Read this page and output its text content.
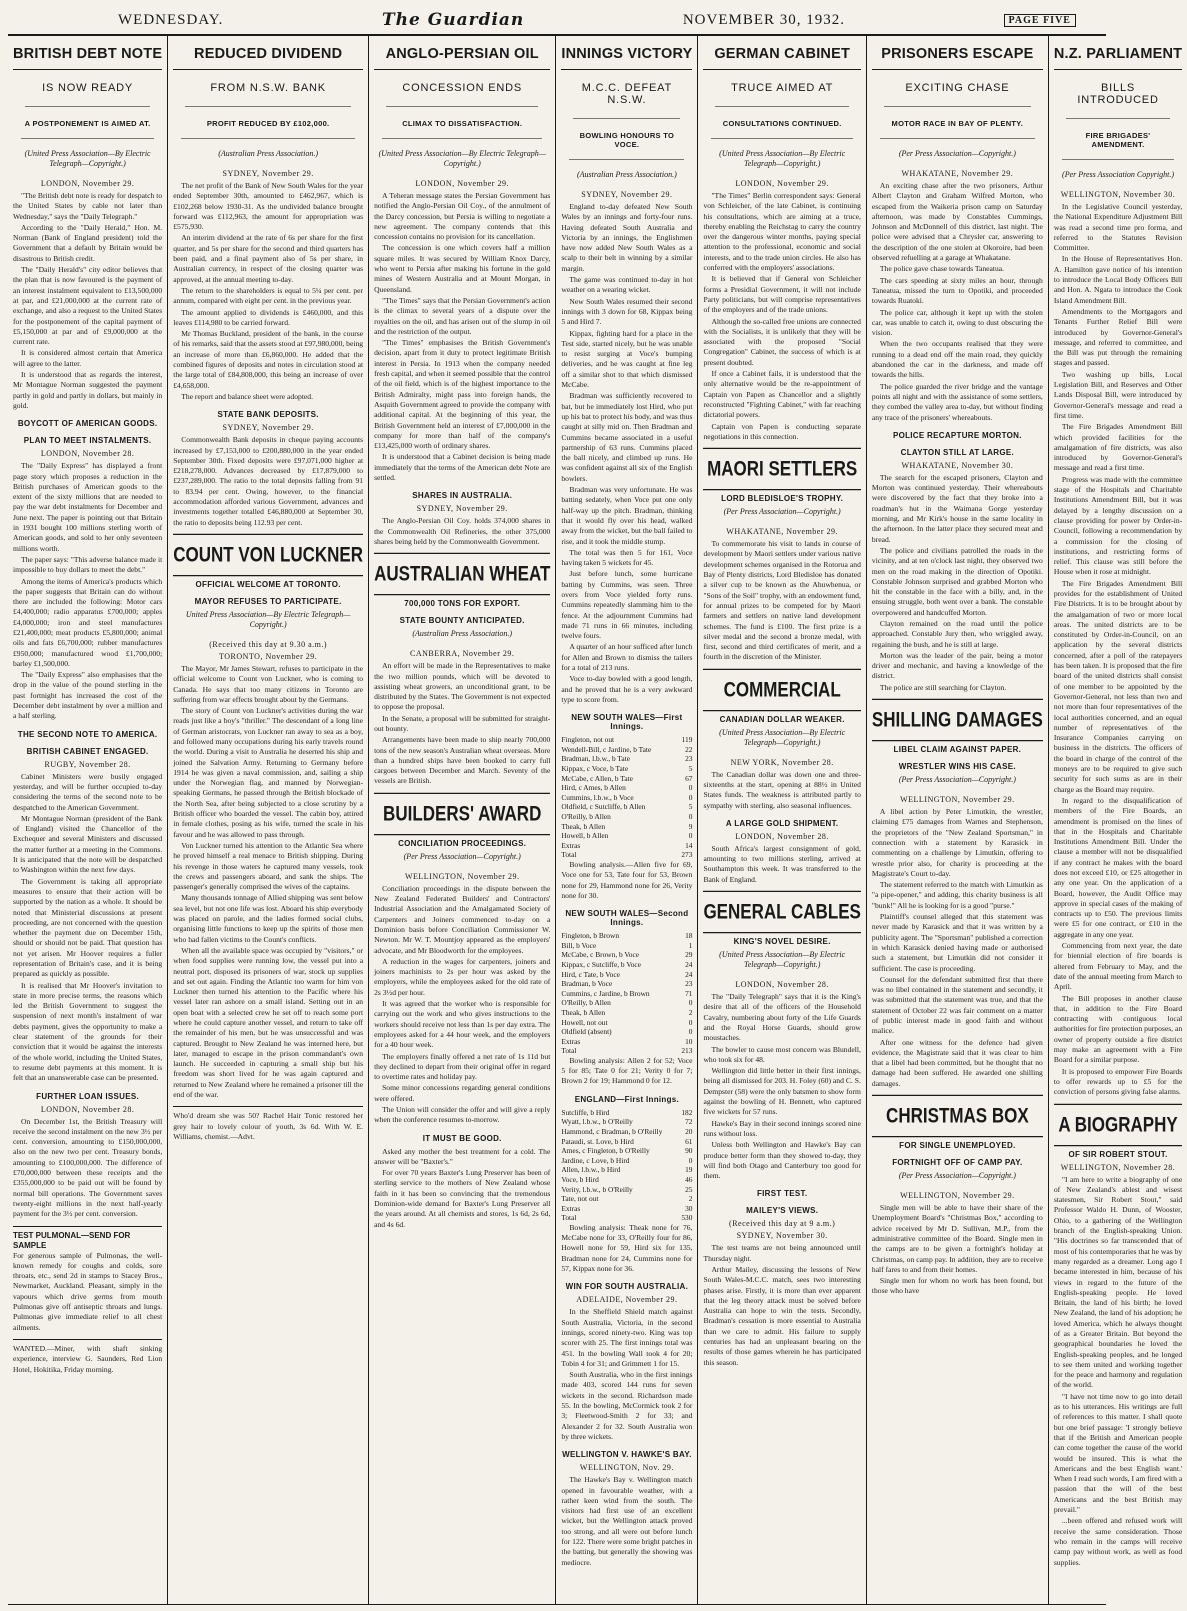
WEDNESDAY.	The Guardian	NOVEMBER 30, 1932.	PAGE FIVE
BRITISH DEBT NOTE
IS NOW READY
A POSTPONEMENT IS AIMED AT.
(United Press Association—By Electric Telegraph—Copyright.)
LONDON, November 29.

"The British debt note is ready for despatch to the United States by cable not later than Wednesday," says the "Daily Telegraph."

According to the "Daily Herald," Hon. M. Norman (Bank of England president) told the Government that a default by Britain would be disastrous to British credit.

The "Daily Herald's" city editor believes that the plan that is now favoured is the payment of an interest instalment equivalent to £13,500,000 at par, and £21,000,000 at the current rate of exchange, and also a request to the United States for the postponement of the capital payment of £5,150,000 at par and of £9,000,000 at the current rate.

It is considered almost certain that America will agree to the latter.

It is understood that as regards the interest, Mr Montague Norman suggested the payment partly in gold and partly in dollars, but mainly in gold.

BOYCOTT OF AMERICAN GOODS.
PLAN TO MEET INSTALMENTS.
LONDON, November 28.

The "Daily Express" has displayed a front page story which proposes a reduction in the British purchases of American goods to the extent of the sixty millions that are needed to pay the war debt instalments for December and June next. The paper is pointing out that Britain in 1931 bought 100 millions sterling worth of American goods, and sold to her only seventeen millions worth.

The paper says: "This adverse balance made it impossible to buy dollars to meet the debt."

Among the items of America's products which the paper suggests that Britain can do without there are included the following: Motor cars £4,400,000; radio apparatus £700,000; apples £4,000,000; iron and steel manufactures £21,400,000; meat products £5,800,000; animal oils and fats £6,700,000; rubber manufactures £950,000; manufactured wood £1,700,000; barley £1,500,000.

The "Daily Express" also emphasises that the drop in the value of the pound sterling in the past fortnight has increased the cost of the December debt instalment by over a million and a half sterling.

THE SECOND NOTE TO AMERICA.
BRITISH CABINET ENGAGED.
RUGBY, November 28.

Cabinet Ministers were busily engaged yesterday, and will be further occupied to-day considering the terms of the second note to be despatched to the American Government.

Mr Montague Norman (president of the Bank of England) visited the Chancellor of the Exchequer and several Ministers and discussed the matter further at a meeting in the Commons. It is anticipated that the note will be despatched to Washington within the next few days.

The Government is taking all appropriate measures to ensure that their action will be supported by the nation as a whole. It should be noted that Ministerial discussions at present proceeding, are not concerned with the question whether the payment due on December 15th, should or should not be paid. That question has not yet arisen. Mr Hoover requires a fuller representation of Britain's case, and it is being prepared as quickly as possible.

It is realised that Mr Hoover's invitation to state in more precise terms, the reasons which led the British Government to suggest the suspension of next month's instalment of war debts payment, gives the opportunity to make a clear statement of the grounds for their conviction that it would be against the interests of the whole world, including the United States, to resume debt payments at this moment. It is felt that an unanswerable case can be presented.

FURTHER LOAN ISSUES.
LONDON, November 28.

On December 1st, the British Treasury will receive the second instalment on the new 3½ per cent. conversion, amounting to £150,000,000, also on the new two per cent. Treasury bonds, amounting to £100,000,000. The difference of £70,000,000 between these receipts and the £355,000,000 to be paid out will be found by normal bill operations. The Government saves twenty-eight millions in the next half-yearly payment for the 3½ per cent. conversion.

TEST PULMONAL—SEND FOR SAMPLE
For generous sample of Pulmonas, the well-known remedy for coughs and colds, sore throats, etc., send 2d in stamps to Stacey Bros., Newmarket, Auckland. Pleasant, simply in the vapours which drive germs from mouth Pulmonas give off antiseptic throats and lungs. Pulmonas give immediate relief to all chest ailments.
WANTED.—Miner, with shaft sinking experience, interview G. Saunders, Red Lion Hotel, Hokitika, Friday morning.
REDUCED DIVIDEND
FROM N.S.W. BANK
PROFIT REDUCED BY £102,000.
(Australian Press Association.)
SYDNEY, November 29.

The net profit of the Bank of New South Wales for the year ended September 30th, amounted to £462,967, which is £102,268 below 1930-31. As the undivided balance brought forward was £112,963, the amount for appropriation was £575,930.

An interim dividend at the rate of 6s per share for the first quarter, and 5s per share for the second and third quarters has been paid, and a final payment also of 5s per share, in Australian currency, in respect of the closing quarter was approved, at the annual meeting to-day.

The return to the shareholders is equal to 5¼ per cent. per annum, compared with eight per cent. in the previous year.

The amount applied to dividends is £460,000, and this leaves £114,980 to be carried forward.

Mr Thomas Buckland, president of the bank, in the course of his remarks, said that the assets stood at £97,980,000, being an increase of more than £6,860,000. He added that the combined figures of deposits and notes in circulation stood at the large total of £84,808,000, this being an increase of over £4,658,000.

The report and balance sheet were adopted.

STATE BANK DEPOSITS.
SYDNEY, November 29.

Commonwealth Bank deposits in cheque paying accounts increased by £7,153,000 to £200,880,000 in the year ended September 30th. Fixed deposits were £97,071,000 higher at £218,278,000. Advances decreased by £17,879,000 to £237,289,000. The ratio to the total deposits falling from 91 to 83.94 per cent. Owing, however, to the financial accommodation afforded various Government, advances and investments together totalled £46,880,000 at September 30, the ratio to deposits being 112.93 per cent.

COUNT VON LUCKNER
OFFICIAL WELCOME AT TORONTO.
MAYOR REFUSES TO PARTICIPATE.
United Press Association—By Electric Telegraph—Copyright.)
(Received this day at 9.30 a.m.)
TORONTO, November 29.

The Mayor, Mr James Stewart, refuses to participate in the official welcome to Count von Luckner, who is coming to Canada. He says that too many citizens in Toronto are suffering from war effects brought about by the Germans.

The story of Count von Luckner's activities during the war reads just like a boy's "thriller." The descendant of a long line of German aristocrats, von Luckner ran away to sea as a boy, and followed many occupations during his early travels round the world. During a visit to Australia he deserted his ship and joined the Salvation Army. Returning to Germany before 1914 he was given a naval commission, and, sailing a ship under the Norwegian flag, and manned by Norwegian-speaking Germans, he passed through the British blockade of the North Sea, after being subjected to a close scrutiny by a British officer who boarded the vessel. The cabin boy, attired in female clothes, posing as his wife, turned the scale in his favour and he was allowed to pass through.

Von Luckner turned his attention to the Atlantic Sea where he proved himself a real menace to British shipping. During his revenge in those waters he captured many vessels, took the crews and passengers aboard, and sank the ships. The passenger's generally comprised the wives of the captains.

Many thousands tonnage of Allied shipping was sent below sea level, but not one life was lost. Aboard his ship everybody was placed on parole, and the ladies formed social clubs, organising little functions to keep up the spirits of those men who had fallen victims to the Count's conflicts.

When all the available space was occupied by "visitors," or when food supplies were running low, the vessel put into a neutral port, disposed its prisoners of war, stock up supplies and set out again. Finding the Atlantic too warm for him von Luckner then turned his attention to the Pacific where his vessel later ran ashore on a small island. Setting out in an open boat with a selected crew he set off to reach some port where he could capture another vessel, and return to take off the remainder of his men, but he was unsuccessful and was captured. Brought to New Zealand he was interned here, but later, managed to escape in the prison commandant's own launch. He succeeded in capturing a small ship but his freedom was short lived for he was again captured and returned to New Zealand where he remained a prisoner till the end of the war.

Who'd dream she was 50? Rachel Hair Tonic restored her grey hair to lovely colour of youth, 3s 6d. With W. E. Williams, chemist.—Advt.
ANGLO-PERSIAN OIL
CONCESSION ENDS
CLIMAX TO DISSATISFACTION.
(United Press Association—By Electric Telegraph—Copyright.)
LONDON, November 29.

A Teheran message states the Persian Government has notified the Anglo-Persian Oil Coy., of the annulment of the Darcy concession, but Persia is willing to negotiate a new agreement. The company contends that this concession contains no provision for its cancellation.

The concession is one which covers half a million square miles. It was secured by William Knox Darcy, who went to Persia after making his fortune in the gold mines of Western Australia and at Mount Morgan, in Queensland.

"The Times" says that the Persian Government's action is the climax to several years of a dispute over the royalties on the oil, and has arisen out of the slump in oil and the restriction of the output.

"The Times" emphasises the British Government's decision, apart from it duty to protect legitimate British interest in Persia. In 1913 when the company needed fresh capital, and when it seemed possible that the control of the oil field, which is of the highest importance to the British Admiralty, might pass into foreign hands, the Asquith Government agreed to provide the company with additional capital. At the beginning of this year, the British Government held an interest of £7,000,000 in the company for more than half of the company's £13,425,000 worth of ordinary shares.

It is understood that a Cabinet decision is being made immediately that the terms of the American debt Note are settled.

SHARES IN AUSTRALIA.
SYDNEY, November 29.

The Anglo-Persian Oil Coy. holds 374,000 shares in the Commonwealth Oil Refineries, the other 375,000 shares being held by the Commonwealth Government.

AUSTRALIAN WHEAT
700,000 TONS FOR EXPORT.
STATE BOUNTY ANTICIPATED.
(Australian Press Association.)
CANBERRA, November 29.

An effort will be made in the Representatives to make the two million pounds, which will be devoted to assisting wheat growers, an unconditional grant, to be distributed by the States. The Government is not expected to oppose the proposal.

In the Senate, a proposal will be submitted for straight-out bounty.

Arrangements have been made to ship nearly 700,000 tons of the new season's Australian wheat overseas. More than a hundred ships have been booked to carry full cargoes between December and March. Seventy of the vessels are British.

BUILDERS' AWARD
CONCILIATION PROCEEDINGS.
(Per Press Association—Copyright.)
WELLINGTON, November 29.

Conciliation proceedings in the dispute between the New Zealand Federated Builders' and Contractors' Industrial Association and the Amalgamated Society of Carpenters and Joiners commenced to-day on a Dominion basis before Conciliation Commissioner W. Newton. Mr W. T. Mountjoy appeared as the employers' advocate, and Mr Bloodworth for the employees.

A reduction in the wages for carpenters, joiners and joiners machinists to 2s per hour was asked by the employers, while the employees asked for the old rate of 2s 3½d per hour.

It was agreed that the worker who is responsible for carrying out the work and who gives instructions to the workers should receive not less than 1s per day extra. The employees asked for a 44 hour week, and the employers for a 40 hour week.

The employers finally offered a net rate of 1s 11d but they declined to depart from their original offer in regard to overtime rates and holiday pay.

Some minor concessions regarding general conditions were offered.

The Union will consider the offer and will give a reply when the conference resumes to-morrow.

IT MUST BE GOOD.

Asked any mother the best treatment for a cold. The answer will be "Baxter's."

For over 70 years Baxter's Lung Preserver has been of sterling service to the mothers of New Zealand whose faith in it has been so convincing that the tremendous Dominion-wide demand for Baxter's Lung Preserver all the years around. At all chemists and stores, 1s 6d, 2s 6d, and 4s 6d.

INNINGS VICTORY
M.C.C. DEFEAT N.S.W.
BOWLING HONOURS TO VOCE.
(Australian Press Association.)
SYDNEY, November 29.

England to-day defeated New South Wales by an innings and forty-four runs. Having defeated South Australia and Victoria by an innings, the Englishmen have now added New South Wales as a scalp to their belt in winning by a similar margin.

The game was continued to-day in hot weather on a wearing wicket.

New South Wales resumed their second innings with 3 down for 68, Kippax being 5 and Hird 7.

Kippax, fighting hard for a place in the Test side, started nicely, but he was unable to resist surging at Voce's bumping deliveries, and he was caught at fine leg off a similar shot to that which dismissed McCabe.

Bradman was sufficiently recovered to bat, but he immediately lost Hird, who put up his bat to protect his body, and was thus caught at silly mid on. Then Bradman and Cummins became associated in a useful partnership of 63 runs. Cummins placed the ball nicely, and climbed up runs. He was confident against all six of the English bowlers.

Bradman was very unfortunate. He was batting sedately, when Voce put one only half-way up the pitch. Bradman, thinking that it would fly over his head, walked away from the wicket, but the ball failed to rise, and it took the middle stump.

The total was then 5 for 161, Voce having taken 5 wickets for 45.

Just before lunch, some hurricane batting by Cummins, was seen. Three overs from Voce yielded forty runs. Cummins repeatedly slamming him to the fence. At the adjournment Cummins had made 71 runs in 66 minutes, including twelve fours.

A quarter of an hour sufficed after lunch for Allen and Brown to dismiss the tailers for a total of 213 runs.

Voce to-day bowled with a good length, and he proved that he is a very awkward type to score from.

NEW SOUTH WALES—First Innings.
Fingleton, not out	119
Wendell-Bill, c Jardine, b Tate	22
Bradman, l.b.w., b Tate	23
Kippax, c Voce, b Tate	5
McCabe, c Allen, b Tate	67
Hird, c Ames, b Allen	0
Cummins, l.b.w., b Voce	0
Oldfield, c Sutcliffe, b Allen	5
O'Reilly, b Allen	0
Theak, b Allen	9
Howell, b Allen	0
Extras	14
Total	273

Bowling analysis.—Allen five for 69, Voce one for 53, Tate four for 53, Brown none for 29, Hammond none for 26, Verity none for 30.

NEW SOUTH WALES—Second Innings.
Fingleton, b Brown	18
Bill, b Voce	1
McCabe, c Brown, b Voce	29
Kippax, c Sutcliffe, b Voce	24
Hird, c Tate, b Voce	24
Bradman, b Voce	23
Cummins, c Jardine, b Brown	71
O'Reilly, b Allen	0
Theak, b Allen	2
Howell, not out	0
Oldfield (absent)	0
Extras	10
Total	213

Bowling analysis: Allen 2 for 52; Voce 5 for 85; Tate 0 for 21; Verity 0 for 7; Brown 2 for 19; Hammond 0 for 12.

ENGLAND—First Innings.
Sutcliffe, b Hird	182
Wyatt, l.b.w., b O'Reilly	72
Hammond, c Bradman, b O'Reilly	20
Pataudi, st. Love, b Hird	61
Ames, c Fingleton, b O'Reilly	90
Jardine, c Love, b Hird	0
Allen, l.b.w., b Hird	19
Voce, b Hird	46
Verity, l.b.w., b O'Reilly	25
Tate, not out	2
Extras	30
Total	530

Bowling analysis: Theak none for 76, McCabe none for 33, O'Reilly four for 86, Howell none for 59, Hird six for 135, Bradman none for 24, Cummins none for 57, Kippax none for 36.

WIN FOR SOUTH AUSTRALIA.
ADELAIDE, November 29.

In the Sheffield Shield match against South Australia, Victoria, in the second innings, scored ninety-two. King was top scorer with 25. The first innings total was 451. In the bowling Wall took 4 for 20; Tobin 4 for 31; and Grimmett 1 for 15.

South Australia, who in the first innings made 403, scored 144 runs for seven wickets in the second. Richardson made 55. In the bowling, McCormick took 2 for 3; Fleetwood-Smith 2 for 33; and Alexander 2 for 32. South Australia won by three wickets.

WELLINGTON V. HAWKE'S BAY.
WELLINGTON, Nov. 29.

The Hawke's Bay v. Wellington match opened in favourable weather, with a rather keen wind from the south. The visitors had first use of an excellent wicket, but the Wellington attack proved too strong, and all were out before lunch for 122. There were some bright patches in the batting, but generally the showing was mediocre.

GERMAN CABINET
TRUCE AIMED AT
CONSULTATIONS CONTINUED.
(United Press Association—By Electric Telegraph—Copyright.)
LONDON, November 29.

"The Times" Berlin correspondent says: General von Schleicher, of the late Cabinet, is continuing his consultations, which are aiming at a truce, thereby enabling the Reichstag to carry the country over the dangerous winter months, paying special attention to the professional, economic and social interests, and to the trade union circles. He also has conferred with the employers' associations.

It is believed that if General von Schleicher forms a Presidial Government, it will not include Party politicians, but will comprise representatives of the employers and of the trade unions.

Although the so-called free unions are connected with the Socialists, it is unlikely that they will be associated with the proposed "Social Congregation" Cabinet, the success of which is at present doubted.

If once a Cabinet fails, it is understood that the only alternative would be the re-appointment of Captain von Papen as Chancellor and a slightly reconstructed "Fighting Cabinet," with far reaching dictatorial powers.

Captain von Papen is conducting separate negotiations in this connection.

MAORI SETTLERS
LORD BLEDISLOE'S TROPHY.
(Per Press Association—Copyright.)
WHAKATANE, November 29.

To commemorate his visit to lands in course of development by Maori settlers under various native development schemes organised in the Rotorua and Bay of Plenty districts, Lord Bledisloe has donated a silver cup to be known as the Ahuwhenua, or "Sons of the Soil" trophy, with an endowment fund, for annual prizes to be competed for by Maori farmers and settlers on native land development schemes. The fund is £100. The first prize is a silver medal and the second a bronze medal, with first, second and third certificates of merit, and a fourth in the discretion of the Minister.

COMMERCIAL
CANADIAN DOLLAR WEAKER.
(United Press Association—By Electric Telegraph—Copyright.)
NEW YORK, November 28.

The Canadian dollar was down one and three-sixteenths at the start, opening at 88½ in United States funds. The weakness is attributed partly to sympathy with sterling, also seasonal influences.

A LARGE GOLD SHIPMENT.
LONDON, November 28.

South Africa's largest consignment of gold, amounting to two millions sterling, arrived at Southampton this week. It was transferred to the Bank of England.

GENERAL CABLES
KING'S NOVEL DESIRE.
(United Press Association—By Electric Telegraph—Copyright.)
LONDON, November 28.

The "Daily Telegraph" says that it is the King's desire that all of the officers of the Household Cavalry, numbering about forty of the Life Guards and the Royal Horse Guards, should grow moustaches.

The bowler to cause most concern was Blundell, who took six for 48.

Wellington did little better in their first innings, being all dismissed for 203. H. Foley (60) and C. S. Dempster (58) were the only batsmen to show form against the bowling of H. Bennett, who captured five wickets for 57 runs.

Hawke's Bay in their second innings scored nine runs without loss.

Unless both Wellington and Hawke's Bay can produce better form than they showed to-day, they will find both Otago and Canterbury too good for them.

FIRST TEST.
MAILEY'S VIEWS.
(Received this day at 9 a.m.)
SYDNEY, November 30.

The test teams are not being announced until Thursday night.

Arthur Mailey, discussing the lessons of New South Wales-M.C.C. match, sees two interesting phases arise. Firstly, it is more than ever apparent that the leg theory attack must be solved before Australia can hope to win the tests. Secondly, Bradman's cessation is more essential to Australia than we care to admit. His failure to supply centuries has had an unpleasant bearing on the results of those games wherein he has participated this season.

PRISONERS ESCAPE
EXCITING CHASE
MOTOR RACE IN BAY OF PLENTY.
(Per Press Association—Copyright.)
WHAKATANE, November 29.

An exciting chase after the two prisoners, Arthur Albert Clayton and Graham Wilfred Morton, who escaped from the Waikeria prison camp on Saturday afternoon, was made by Constables Cummings, Johnson and McDonnell of this district, last night. The police were advised that a Chrysler car, answering to the description of the one stolen at Okoroire, had been observed refuelling at a garage at Whakatane.

The police gave chase towards Taneatua.

The cars speeding at sixty miles an hour, through Taneatua, missed the turn to Opotiki, and proceeded towards Ruatoki.

The police car, although it kept up with the stolen car, was unable to catch it, owing to dust obscuring the vision.

When the two occupants realised that they were running to a dead end off the main road, they quickly abandoned the car in the darkness, and made off towards the hills.

The police guarded the river bridge and the vantage points all night and with the assistance of some settlers, they combed the valley area to-day, but without finding any trace of the prisoners' whereabouts.

POLICE RECAPTURE MORTON.
CLAYTON STILL AT LARGE.
WHAKATANE, November 30.

The search for the escaped prisoners, Clayton and Morton was continued yesterday. Their whereabouts were discovered by the fact that they broke into a roadman's hut in the Waimana Gorge yesterday morning, and Mr Kirk's house in the same locality in the afternoon. In the latter place they secured meat and bread.

The police and civilians patrolled the roads in the vicinity, and at ten o'clock last night, they observed two men on the road making in the direction of Opotiki. Constable Johnson surprised and grabbed Morton who hit the constable in the face with a billy, and, in the ensuing struggle, both went over a bank. The constable overpowered and handcuffed Morton.

Clayton remained on the road until the police approached. Constable Jury then, who wriggled away, regaining the bush, and he is still at large.

Morton was the leader of the pair, being a motor driver and mechanic, and having a knowledge of the district.

The police are still searching for Clayton.

SHILLING DAMAGES
LIBEL CLAIM AGAINST PAPER.
WRESTLER WINS HIS CASE.
(Per Press Association—Copyright.)
WELLINGTON, November 29.

A libel action by Peter Limutkin, the wrestler, claiming £75 damages from Warnes and Stephenson, the proprietors of the "New Zealand Sportsman," in connection with a statement by Karasick in commenting on a challenge by Limutkin, offering to wrestle prior also, for charity is proceeding at the Magistrate's Court to-day.

The statement referred to the match with Limutkin as "a pipe-opener," and adding, this charity business is all "bunk!" All he is looking for is a good "purse."

Plaintiff's counsel alleged that this statement was never made by Karasick and that it was written by a publicity agent. The "Sportsman" published a correction in which Karasick denied having made or authorised such a statement, but Limutkin did not consider it sufficient. The case is proceeding.

Counsel for the defendant submitted first that there was no libel contained in the statement and secondly, it was submitted that the statement was true, and that the statement of October 22 was fair comment on a matter of public interest made in good faith and without malice.

After one witness for the defence had given evidence, the Magistrate said that it was clear to him that a libel had been committed, but he thought that no damage had been suffered. He awarded one shilling damages.

CHRISTMAS BOX
FOR SINGLE UNEMPLOYED.
FORTNIGHT OFF OF CAMP PAY.
(Per Press Association—Copyright.)
WELLINGTON, November 29.

Single men will be able to have their share of the Unemployment Board's "Christmas Box," according to advice received by Mr D. Sullivan, M.P., from the administrative committee of the Board. Single men in the camps are to be given a fortnight's holiday at Christmas, on camp pay. In addition, they are to receive half fares to and from their homes.

Single men for whom no work has been found, but those who have

N.Z. PARLIAMENT
BILLS INTRODUCED
FIRE BRIGADES' AMENDMENT.
(Per Press Association Copyright.)
WELLINGTON, November 30.

In the Legislative Council yesterday, the National Expenditure Adjustment Bill was read a second time pro forma, and referred to the Statutes Revision Committee.

In the House of Representatives Hon. A. Hamilton gave notice of his intention to introduce the Local Body Officers Bill and Hon. A. Ngata to introduce the Cook Island Amendment Bill.

Amendments to the Mortgagors and Tenants Further Relief Bill were introduced by Governor-General's message, and referred to committee, and the Bill was put through the remaining stages and passed.

Two washing up bills, Local Legislation Bill, and Reserves and Other Lands Disposal Bill, were introduced by Governor-General's message and read a first time.

The Fire Brigades Amendment Bill which provided facilities for the amalgamation of fire districts, was also introduced by Governor-General's message and read a first time.

Progress was made with the committee stage of the Hospitals and Charitable Institutions Amendment Bill, but it was delayed by a lengthy discussion on a clause providing for power by Order-in-Council, following a recommendation by a commission for the closing of institutions, and restricting forms of relief. This clause was still before the House when it rose at midnight.

The Fire Brigades Amendment Bill provides for the establishment of United Fire Districts. It is to be brought about by the amalgamation of two or more local areas. The united districts are to be constituted by Order-in-Council, on an application by the several districts concerned, after a poll of the ratepayers has been taken. It is proposed that the fire board of the united districts shall consist of one member to be appointed by the Governor-General, not less than two and not more than four representatives of the local authorities concerned, and an equal number of representatives of the Insurance Companies carrying on business in the districts. The officers of the board in charge of the control of the moneys are to be required to give such security for such sums as are in their charge as the Board may require.

In regard to the disqualification of members of the Fire Boards, an amendment is promised on the lines of that in the Hospitals and Charitable Institutions Amendment Bill. Under the clause a member will not be disqualified if any contract he makes with the board does not exceed £10, or £25 altogether in any one year. On the application of a Board, however, the Audit Office may approve in special cases of the making of contracts up to £50. The previous limits were £5 for one contract, or £10 in the aggregate in any one year.

Commencing from next year, the date for biennial election of fire boards is altered from February to May, and the date of the annual meeting from March to April.

The Bill proposes in another clause that, in addition to the Fire Board contracting with contiguous local authorities for fire protection purposes, an owner of property outside a fire district may make an agreement with a Fire Board for a similar purpose.

It is proposed to empower Fire Boards to offer rewards up to £5 for the conviction of persons giving false alarms.

A BIOGRAPHY
OF SIR ROBERT STOUT.
WELLINGTON, November 28.

"I am here to write a biography of one of New Zealand's ablest and wisest statesmen, Sir Robert Stout," said Professor Waldo H. Dunn, of Wooster, Ohio, to a gathering of the Wellington branch of the English-speaking Union. "His doctrines so far transcended that of most of his contemporaries that he was by many regarded as a dreamer. Long ago I became interested in him, because of his views in regard to the future of the English-speaking people. He loved Britain, the land of his birth; he loved New Zealand, the land of his adoption; he loved America, which he always thought of as a Greater Britain. But beyond the geographical boundaries he loved the English-speaking peoples, and he longed to see them united and working together for the peace and harmony and regulation of the world.

"I have not time now to go into detail as to his utterances. His writings are full of references to this matter. I shall quote but one brief passage: 'I strongly believe that if the British and American people can come together the cause of the world would be insured. This is what the Americans and the best English want.' When I read such words, I am fired with a passion that the will of the best Americans and the best British may prevail."

...been offered and refused work will receive the same consideration. Those who remain in the camps will receive camp pay without work, as well as food supplies.
